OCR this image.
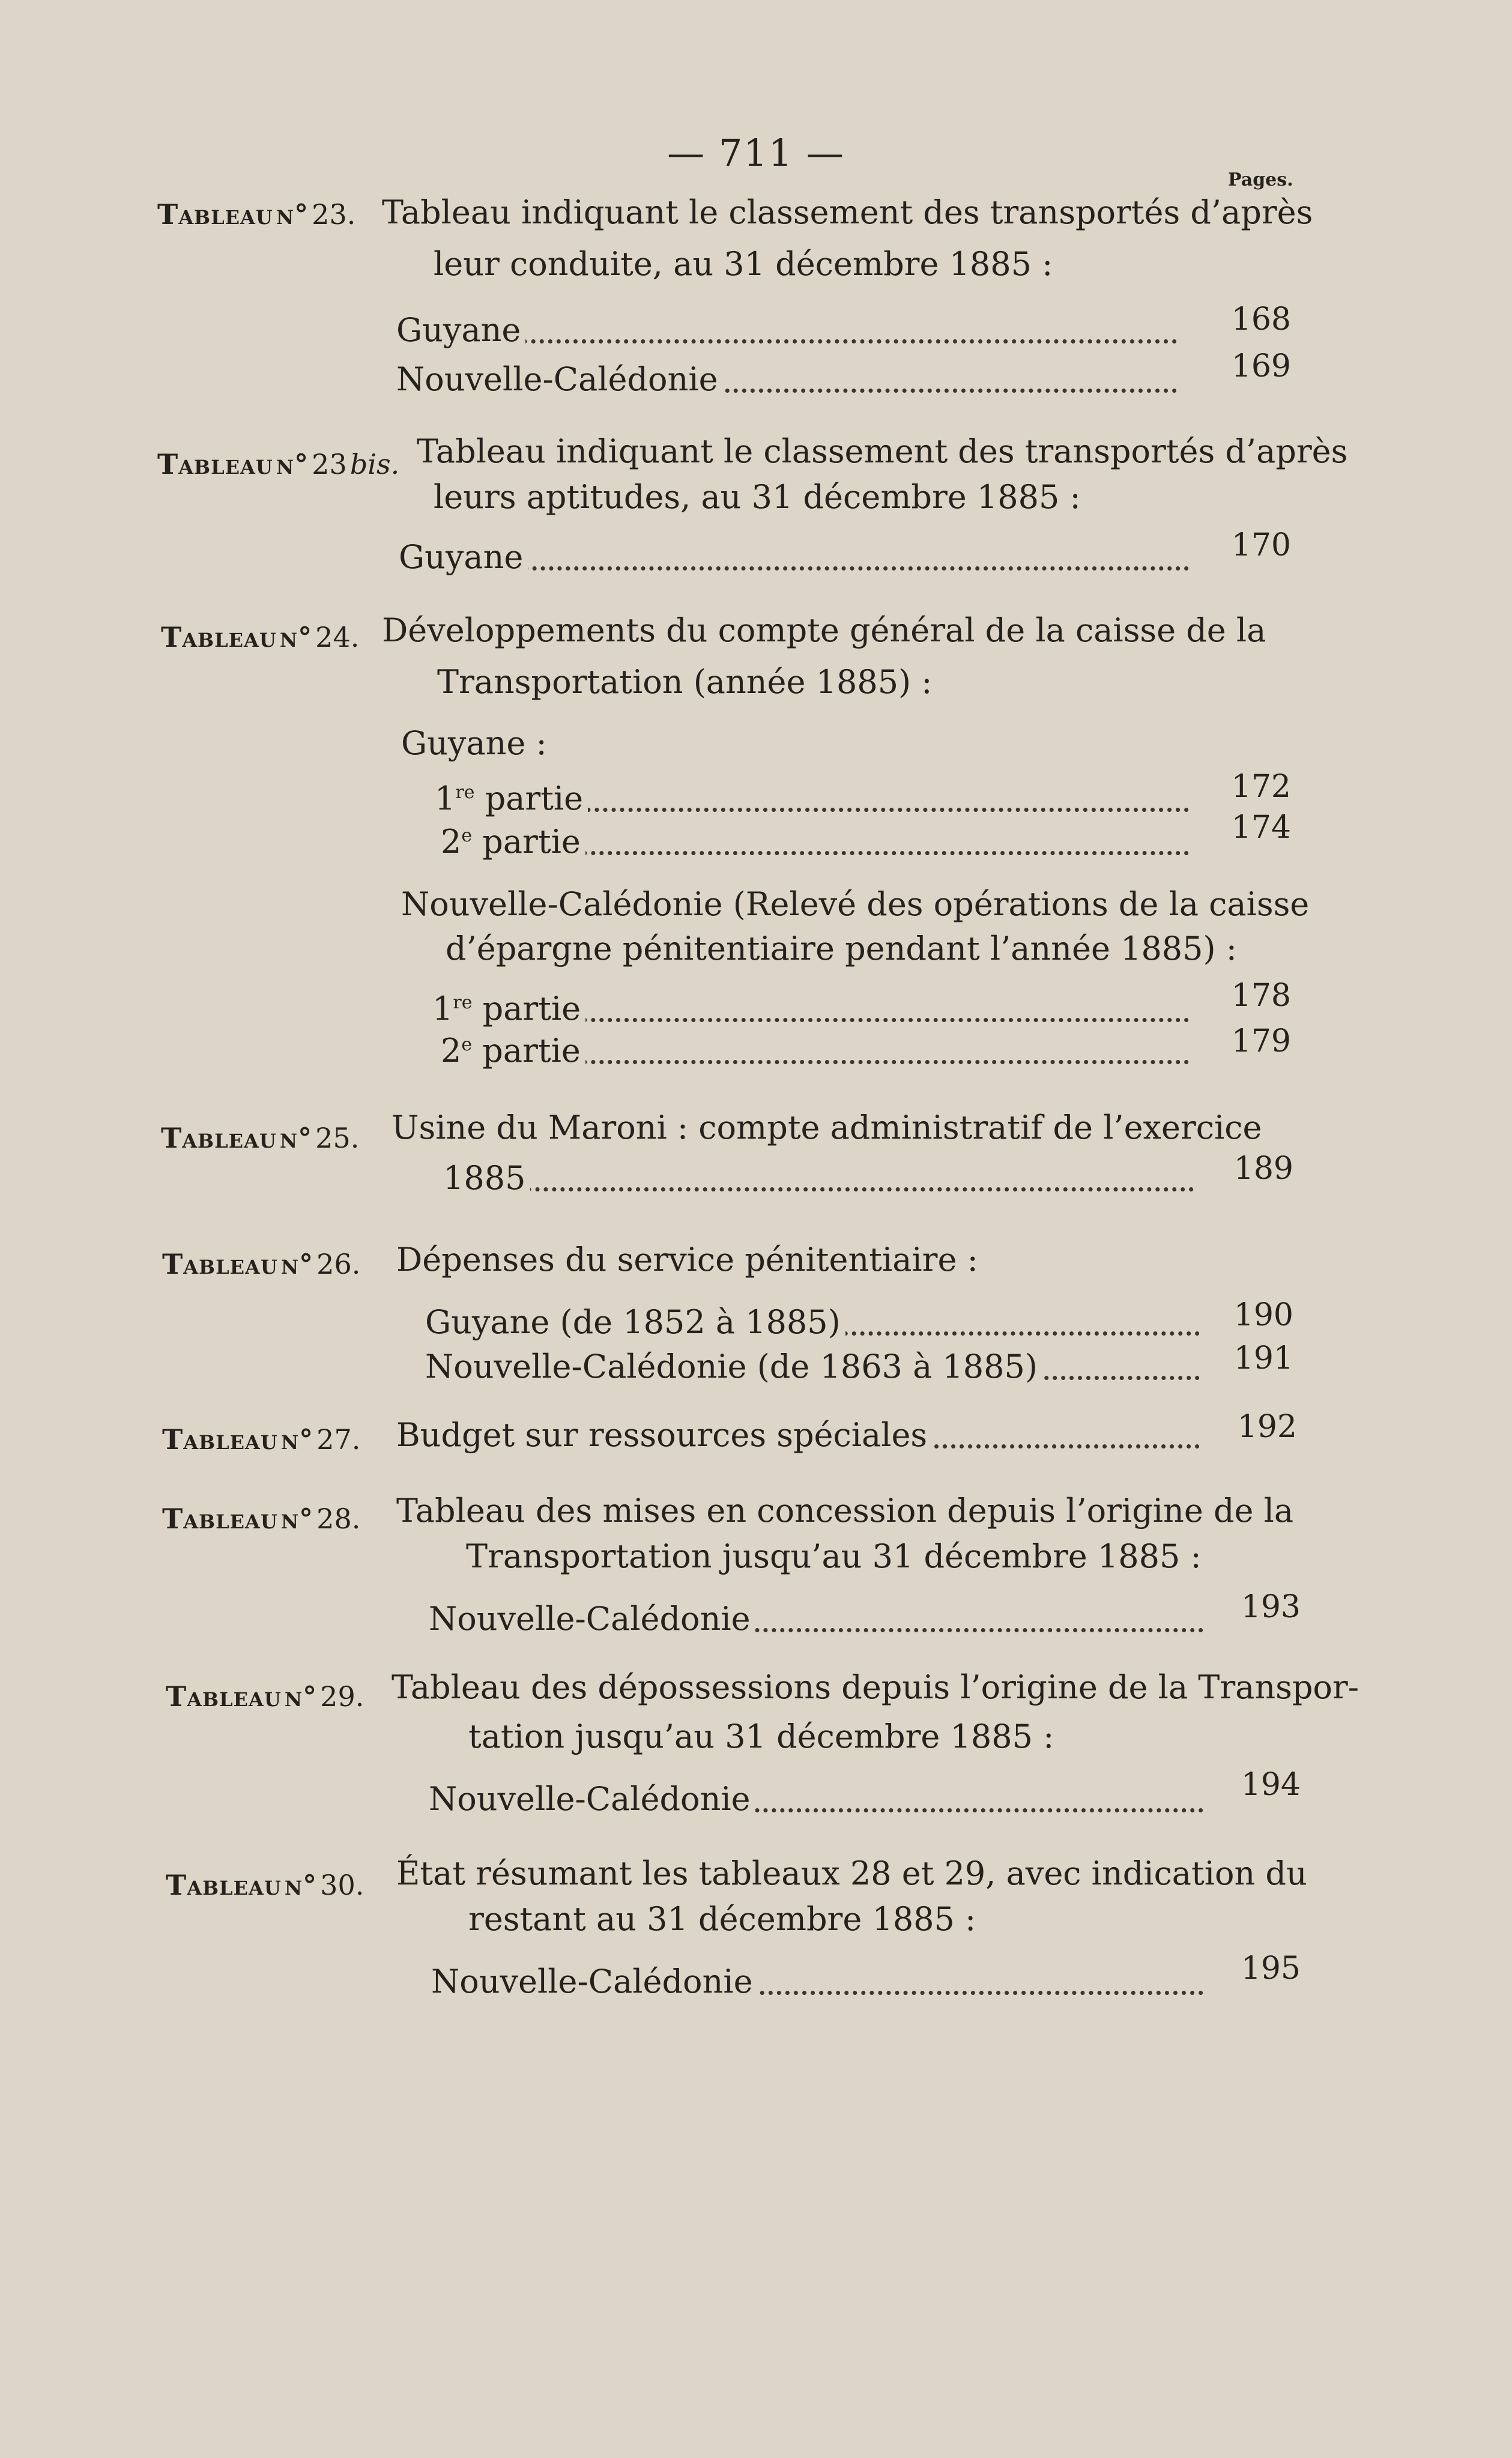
— 711 —
Pages.
Tableau n° 23. Tableau indiquant le classement des transportés d’après
leur conduite, au 31 décembre 1885 :
Guyane	168
Nouvelle-Calédonie	169
Tableau n° 23 bis. Tableau indiquant le classement des transportés d’après
leurs aptitudes, au 31 décembre 1885 :
Guyane	170
Tableau n° 24. Développements du compte général de la caisse de la
Transportation (année 1885) :
Guyane :
1re partie	172
2e partie	174
Nouvelle-Calédonie (Relevé des opérations de la caisse
d’épargne pénitentiaire pendant l’année 1885) :
1re partie	178
2e partie	179
Tableau n° 25. Usine du Maroni : compte administratif de l’exercice
1885	189
Tableau n° 26. Dépenses du service pénitentiaire :
Guyane (de 1852 à 1885)	190
Nouvelle-Calédonie (de 1863 à 1885)	191
Tableau n° 27. Budget sur ressources spéciales	192
Tableau n° 28. Tableau des mises en concession depuis l’origine de la
Transportation jusqu’au 31 décembre 1885 :
Nouvelle-Calédonie	193
Tableau n° 29. Tableau des dépossessions depuis l’origine de la Transpor-
tation jusqu’au 31 décembre 1885 :
Nouvelle-Calédonie	194
Tableau n° 30. État résumant les tableaux 28 et 29, avec indication du
restant au 31 décembre 1885 :
Nouvelle-Calédonie	195
